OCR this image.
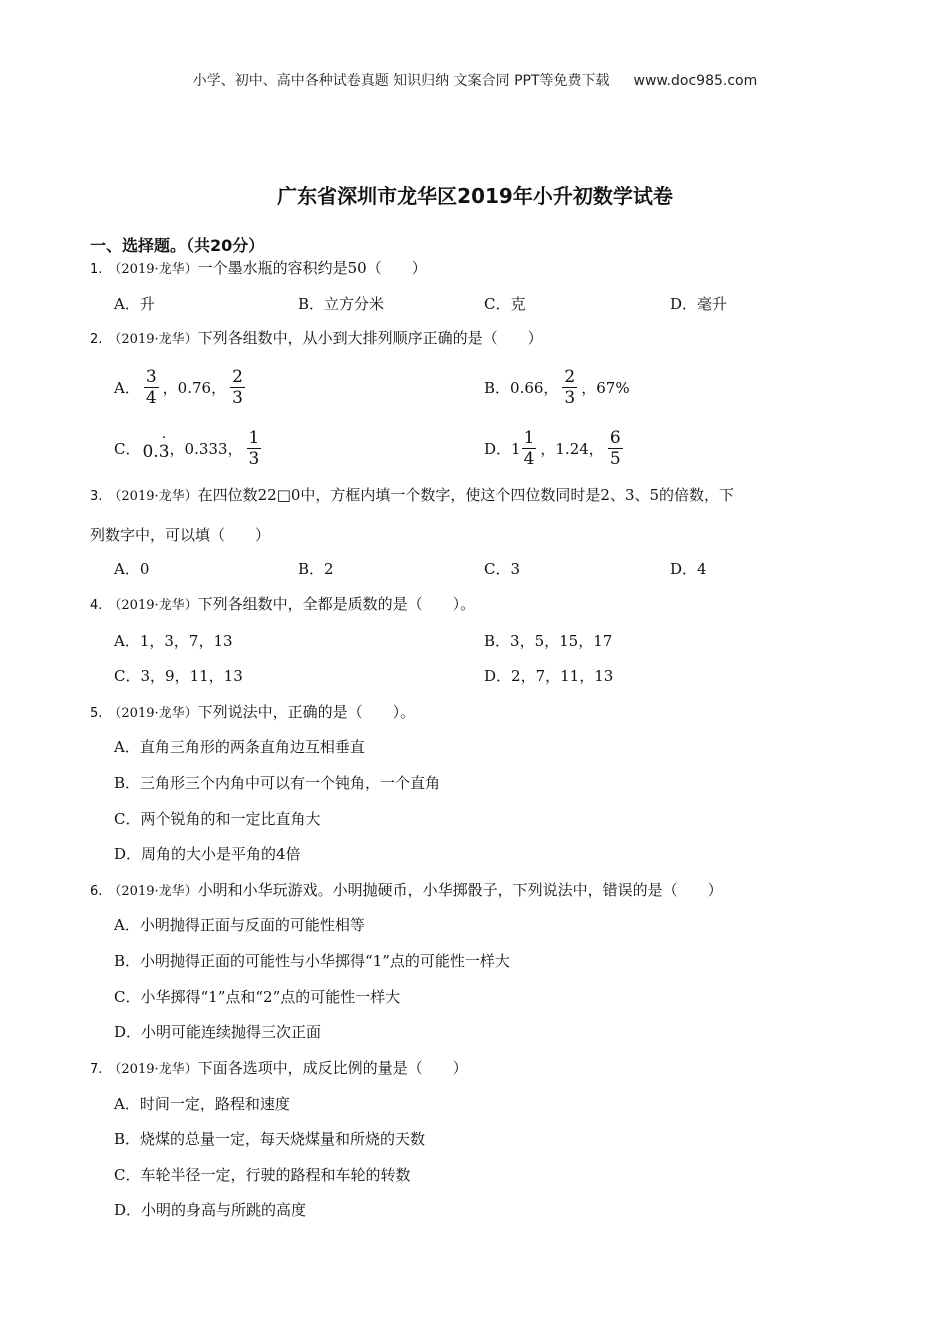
小学、初中、高中各种试卷真题 知识归纳 文案合同 PPT等免费下载 www.doc985.com
广东省深圳市龙华区2019年小升初数学试卷
一、选择题。（共20分）
1. （2019·龙华）一个墨水瓶的容积约是50（　　）
A．升	B．立方分米	C．克	D．毫升
2. （2019·龙华）下列各组数中，从小到大排列顺序正确的是（　　）
A． $\frac{3}{4}$ ，0.76， $\frac{2}{3}$	B．0.66， $\frac{2}{3}$ ，67%
C． 0.· 3 ，0.333， $\frac{1}{3}$	D．$1 \frac{1}{4}$ ，1.24， $\frac{6}{5}$
3. （2019·龙华）在四位数22□0中，方框内填一个数字，使这个四位数同时是2、3、5的倍数，下
列数字中，可以填（　　）
A．0	B．2	C．3	D．4
4. （2019·龙华）下列各组数中，全都是质数的是（　　）。
A．1，3，7，13	B．3，5，15，17
C．3，9，11，13	D．2，7，11，13
5. （2019·龙华）下列说法中，正确的是（　　）。
A．直角三角形的两条直角边互相垂直
B．三角形三个内角中可以有一个钝角，一个直角
C．两个锐角的和一定比直角大
D．周角的大小是平角的4倍
6. （2019·龙华）小明和小华玩游戏。小明抛硬币，小华掷骰子，下列说法中，错误的是（　　）
A．小明抛得正面与反面的可能性相等
B．小明抛得正面的可能性与小华掷得“1”点的可能性一样大
C．小华掷得“1”点和“2”点的可能性一样大
D．小明可能连续抛得三次正面
7. （2019·龙华）下面各选项中，成反比例的量是（　　）
A．时间一定，路程和速度
B．烧煤的总量一定，每天烧煤量和所烧的天数
C．车轮半径一定，行驶的路程和车轮的转数
D．小明的身高与所跳的高度
